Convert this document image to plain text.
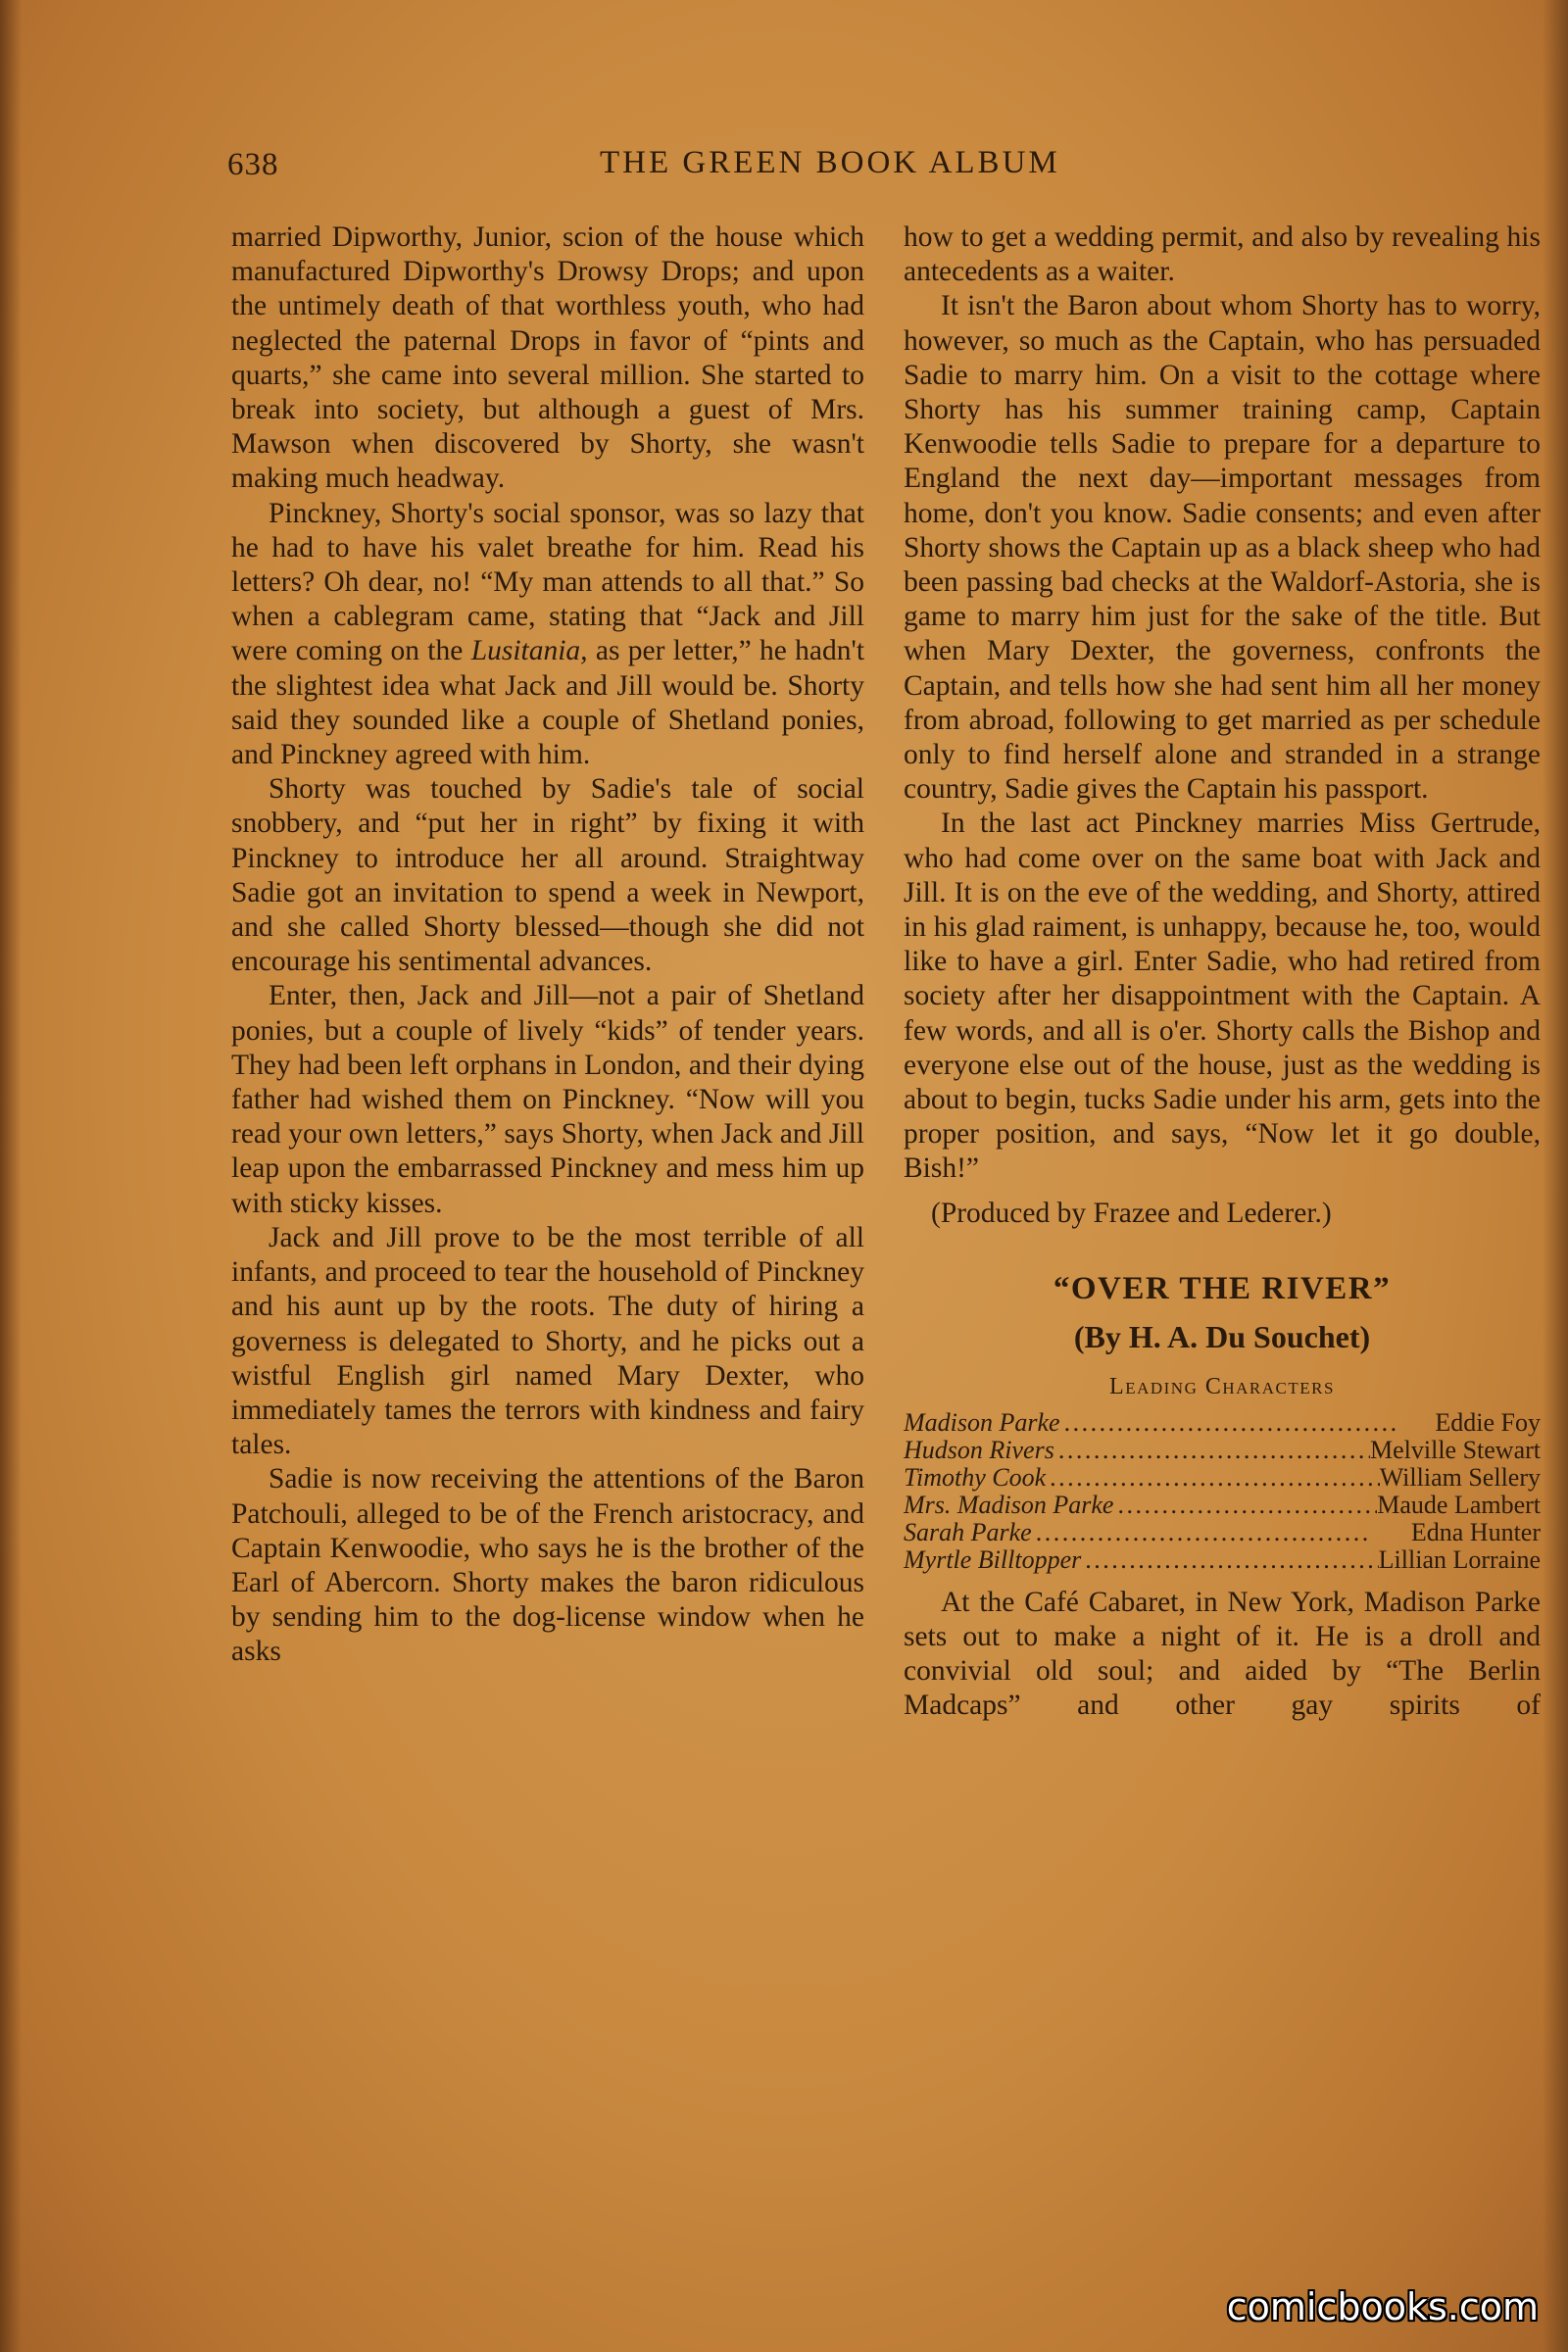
638	THE GREEN BOOK ALBUM

married Dipworthy, Junior, scion of the house which manufactured Dipworthy's Drowsy Drops; and upon the untimely death of that worthless youth, who had neglected the paternal Drops in favor of “pints and quarts,” she came into several million. She started to break into society, but although a guest of Mrs. Mawson when discovered by Shorty, she wasn't making much headway.

Pinckney, Shorty's social sponsor, was so lazy that he had to have his valet breathe for him. Read his letters? Oh dear, no! “My man attends to all that.” So when a cablegram came, stating that “Jack and Jill were coming on the Lusitania, as per letter,” he hadn't the slightest idea what Jack and Jill would be. Shorty said they sounded like a couple of Shetland ponies, and Pinckney agreed with him.

Shorty was touched by Sadie's tale of social snobbery, and “put her in right” by fixing it with Pinckney to introduce her all around. Straightway Sadie got an invitation to spend a week in Newport, and she called Shorty blessed—though she did not encourage his sentimental advances.

Enter, then, Jack and Jill—not a pair of Shetland ponies, but a couple of lively “kids” of tender years. They had been left orphans in London, and their dying father had wished them on Pinckney. “Now will you read your own letters,” says Shorty, when Jack and Jill leap upon the embarrassed Pinckney and mess him up with sticky kisses.

Jack and Jill prove to be the most terrible of all infants, and proceed to tear the household of Pinckney and his aunt up by the roots. The duty of hiring a governess is delegated to Shorty, and he picks out a wistful English girl named Mary Dexter, who immediately tames the terrors with kindness and fairy tales.

Sadie is now receiving the attentions of the Baron Patchouli, alleged to be of the French aristocracy, and Captain Kenwoodie, who says he is the brother of the Earl of Abercorn. Shorty makes the baron ridiculous by sending him to the dog-license window when he asks

how to get a wedding permit, and also by revealing his antecedents as a waiter.

It isn't the Baron about whom Shorty has to worry, however, so much as the Captain, who has persuaded Sadie to marry him. On a visit to the cottage where Shorty has his summer training camp, Captain Kenwoodie tells Sadie to prepare for a departure to England the next day—important messages from home, don't you know. Sadie consents; and even after Shorty shows the Captain up as a black sheep who had been passing bad checks at the Waldorf-Astoria, she is game to marry him just for the sake of the title. But when Mary Dexter, the governess, confronts the Captain, and tells how she had sent him all her money from abroad, following to get married as per schedule only to find herself alone and stranded in a strange country, Sadie gives the Captain his passport.

In the last act Pinckney marries Miss Gertrude, who had come over on the same boat with Jack and Jill. It is on the eve of the wedding, and Shorty, attired in his glad raiment, is unhappy, because he, too, would like to have a girl. Enter Sadie, who had retired from society after her disappointment with the Captain. A few words, and all is o'er. Shorty calls the Bishop and everyone else out of the house, just as the wedding is about to begin, tucks Sadie under his arm, gets into the proper position, and says, “Now let it go double, Bish!”

(Produced by Frazee and Lederer.)

“OVER THE RIVER”

(By H. A. Du Souchet)

Leading Characters

Madison Parke . . .	Eddie Foy
Hudson Rivers . . .	Melville Stewart
Timothy Cook . . .	William Sellery
Mrs. Madison Parke . . .	Maude Lambert
Sarah Parke . . .	Edna Hunter
Myrtle Billtopper . . .	Lillian Lorraine

At the Café Cabaret, in New York, Madison Parke sets out to make a night of it. He is a droll and convivial old soul; and aided by “The Berlin Madcaps” and other gay spirits of

comicbooks.com
